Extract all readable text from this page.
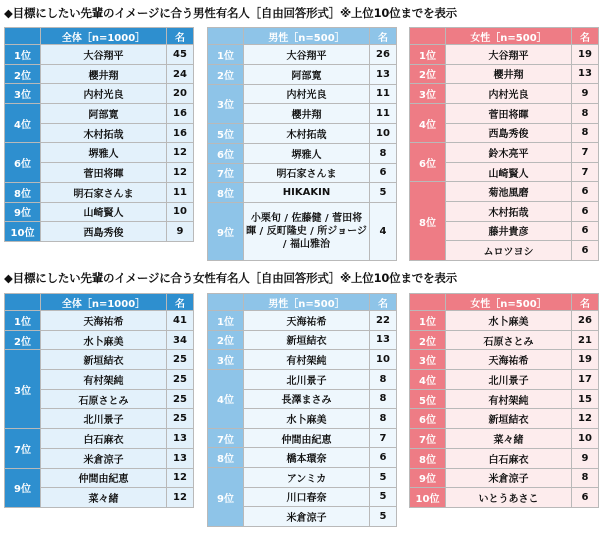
◆目標にしたい先輩のイメージに合う男性有名人［自由回答形式］※上位10位までを表示
	全体［n=1000］	名
1位	大谷翔平	45
2位	櫻井翔	24
3位	内村光良	20
4位	阿部寛	16
	木村拓哉	16
6位	堺雅人	12
	菅田将暉	12
8位	明石家さんま	11
9位	山崎賢人	10
10位	西島秀俊	9
	男性［n=500］	名
1位	大谷翔平	26
2位	阿部寛	13
3位	内村光良	11
	櫻井翔	11
5位	木村拓哉	10
6位	堺雅人	8
7位	明石家さんま	6
8位	HIKAKIN	5
9位	小栗旬 / 佐藤健 / 菅田将暉 / 反町隆史 / 所ジョージ / 福山雅治	4
	女性［n=500］	名
1位	大谷翔平	19
2位	櫻井翔	13
3位	内村光良	9
4位	菅田将暉	8
	西島秀俊	8
6位	鈴木亮平	7
	山崎賢人	7
8位	菊池風磨	6
	木村拓哉	6
	藤井貴彦	6
	ムロツヨシ	6
◆目標にしたい先輩のイメージに合う女性有名人［自由回答形式］※上位10位までを表示
	全体［n=1000］	名
1位	天海祐希	41
2位	水卜麻美	34
3位	新垣結衣	25
	有村架純	25
	石原さとみ	25
	北川景子	25
7位	白石麻衣	13
	米倉涼子	13
9位	仲間由紀恵	12
	菜々緒	12
	男性［n=500］	名
1位	天海祐希	22
2位	新垣結衣	13
3位	有村架純	10
4位	北川景子	8
	長澤まさみ	8
	水卜麻美	8
7位	仲間由紀恵	7
8位	橋本環奈	6
9位	アンミカ	5
	川口春奈	5
	米倉涼子	5
	女性［n=500］	名
1位	水卜麻美	26
2位	石原さとみ	21
3位	天海祐希	19
4位	北川景子	17
5位	有村架純	15
6位	新垣結衣	12
7位	菜々緒	10
8位	白石麻衣	9
9位	米倉涼子	8
10位	いとうあさこ	6
